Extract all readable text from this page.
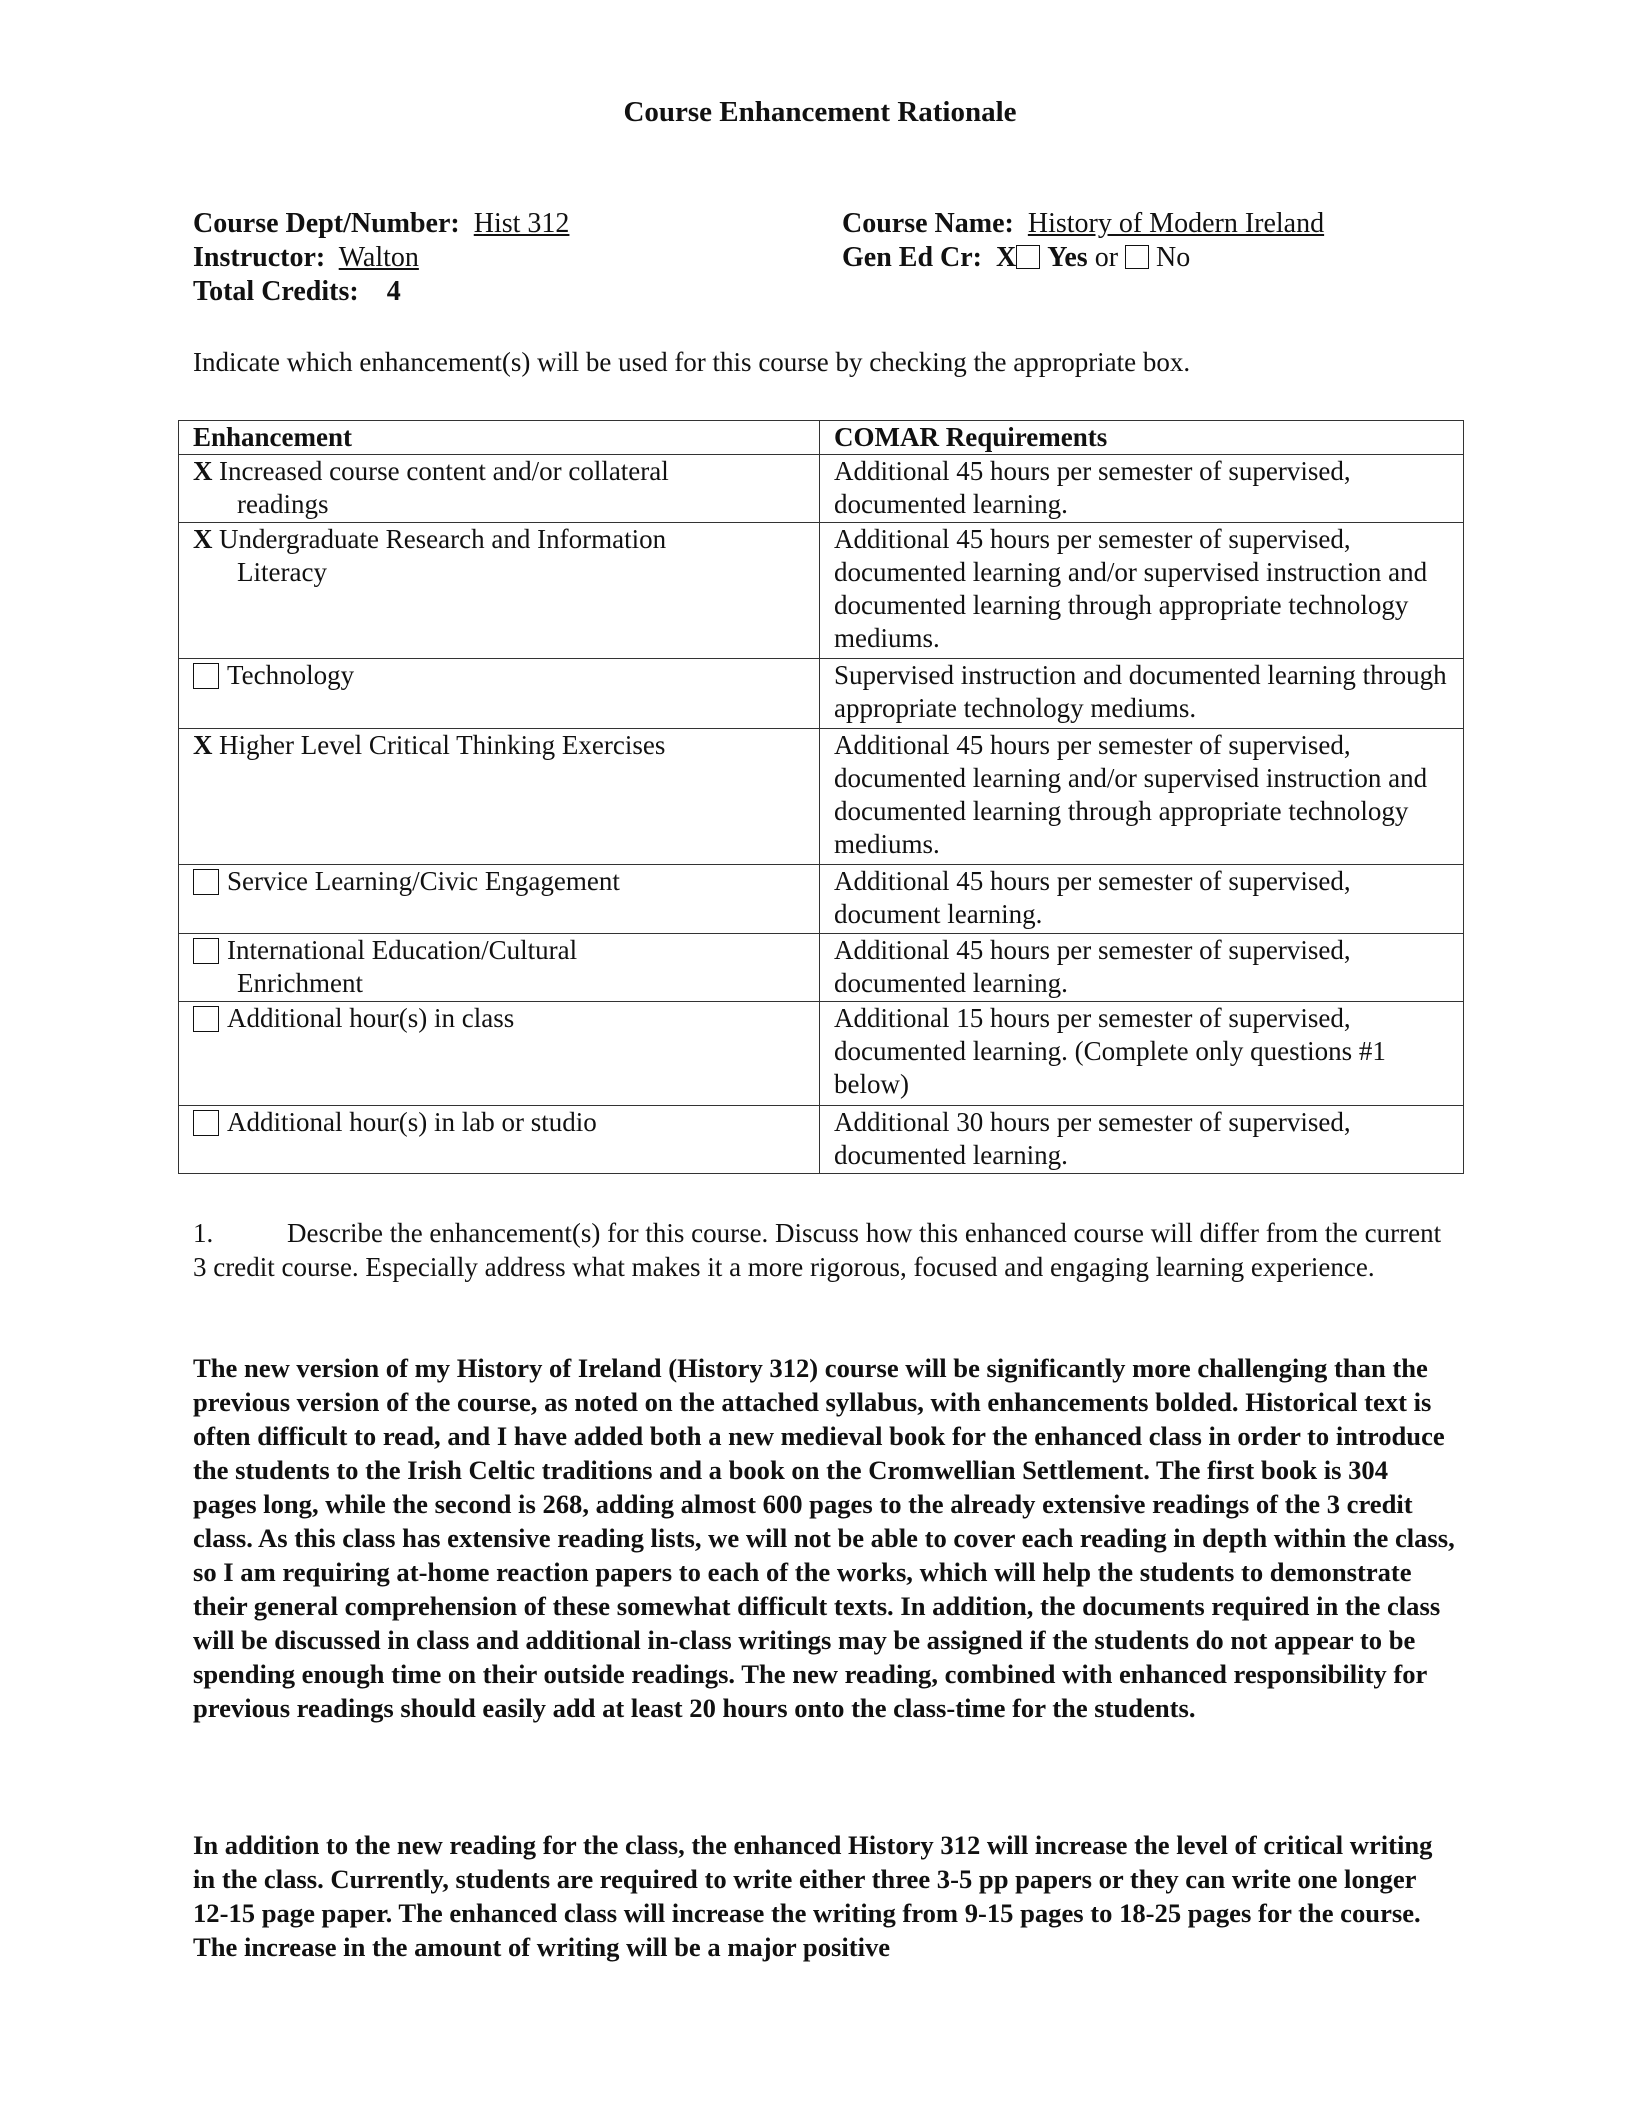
Course Enhancement Rationale
Course Dept/Number: Hist 312
Instructor: Walton
Total Credits: 4
Course Name: History of Modern Ireland
Gen Ed Cr: X Yes or No
Indicate which enhancement(s) will be used for this course by checking the appropriate box.
Enhancement	COMAR Requirements

X Increased course content and/or collateral
readings	Additional 45 hours per semester of supervised, documented learning.

X Undergraduate Research and Information
Literacy	Additional 45 hours per semester of supervised, documented learning and/or supervised instruction and documented learning through appropriate technology mediums.

Technology	Supervised instruction and documented learning through appropriate technology mediums.

X Higher Level Critical Thinking Exercises	Additional 45 hours per semester of supervised, documented learning and/or supervised instruction and documented learning through appropriate technology mediums.

Service Learning/Civic Engagement	Additional 45 hours per semester of supervised, document learning.

International Education/Cultural
Enrichment	Additional 45 hours per semester of supervised, documented learning.

Additional hour(s) in class	Additional 15 hours per semester of supervised, documented learning. (Complete only questions #1 below)

Additional hour(s) in lab or studio	Additional 30 hours per semester of supervised, documented learning.
1.	Describe the enhancement(s) for this course. Discuss how this enhanced course will differ from the current 3 credit course. Especially address what makes it a more rigorous, focused and engaging learning experience.
The new version of my History of Ireland (History 312) course will be significantly more challenging than the previous version of the course, as noted on the attached syllabus, with enhancements bolded. Historical text is often difficult to read, and I have added both a new medieval book for the enhanced class in order to introduce the students to the Irish Celtic traditions and a book on the Cromwellian Settlement. The first book is 304 pages long, while the second is 268, adding almost 600 pages to the already extensive readings of the 3 credit class. As this class has extensive reading lists, we will not be able to cover each reading in depth within the class, so I am requiring at-home reaction papers to each of the works, which will help the students to demonstrate their general comprehension of these somewhat difficult texts. In addition, the documents required in the class will be discussed in class and additional in-class writings may be assigned if the students do not appear to be spending enough time on their outside readings. The new reading, combined with enhanced responsibility for previous readings should easily add at least 20 hours onto the class-time for the students.
In addition to the new reading for the class, the enhanced History 312 will increase the level of critical writing in the class. Currently, students are required to write either three 3-5 pp papers or they can write one longer 12-15 page paper. The enhanced class will increase the writing from 9-15 pages to 18-25 pages for the course. The increase in the amount of writing will be a major positive
